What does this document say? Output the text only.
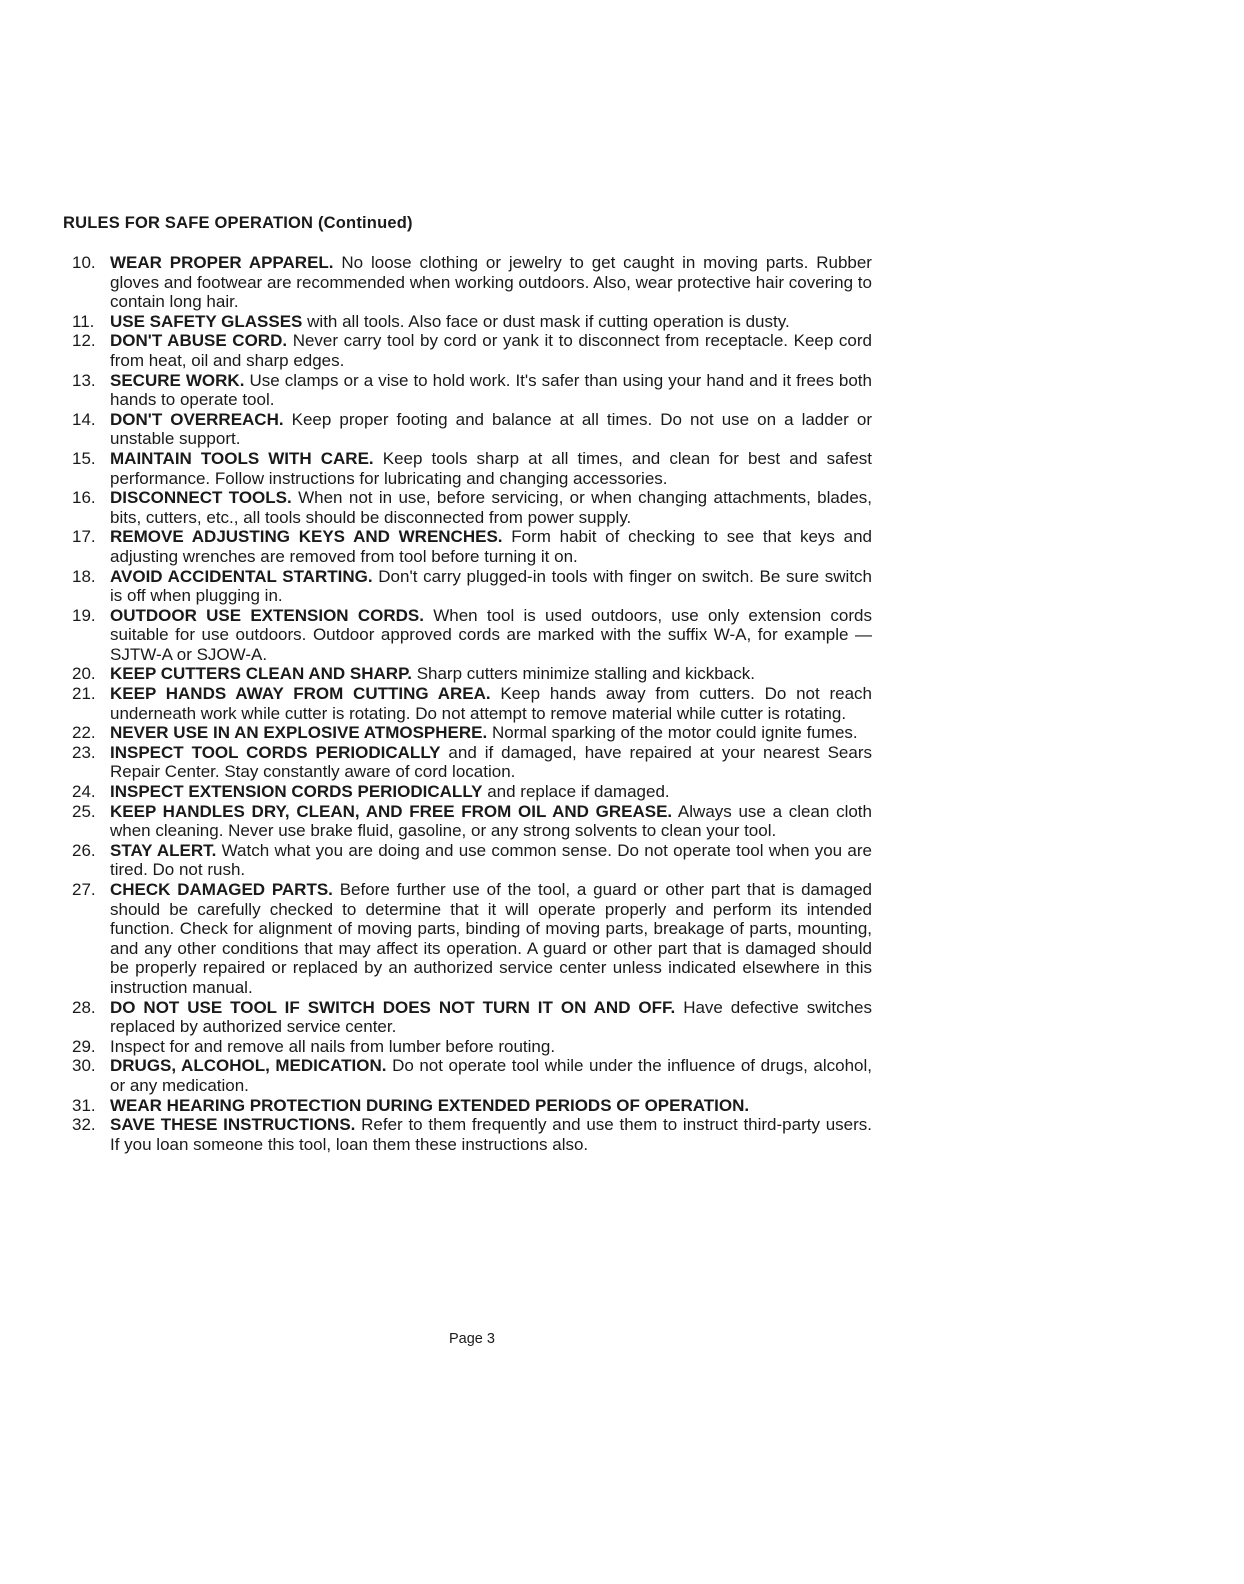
RULES FOR SAFE OPERATION (Continued)
10. WEAR PROPER APPAREL. No loose clothing or jewelry to get caught in moving parts. Rubber gloves and footwear are recommended when working outdoors. Also, wear protective hair covering to contain long hair.
11. USE SAFETY GLASSES with all tools. Also face or dust mask if cutting operation is dusty.
12. DON'T ABUSE CORD. Never carry tool by cord or yank it to disconnect from receptacle. Keep cord from heat, oil and sharp edges.
13. SECURE WORK. Use clamps or a vise to hold work. It's safer than using your hand and it frees both hands to operate tool.
14. DON'T OVERREACH. Keep proper footing and balance at all times. Do not use on a ladder or unstable support.
15. MAINTAIN TOOLS WITH CARE. Keep tools sharp at all times, and clean for best and safest performance. Follow instructions for lubricating and changing accessories.
16. DISCONNECT TOOLS. When not in use, before servicing, or when changing attachments, blades, bits, cutters, etc., all tools should be disconnected from power supply.
17. REMOVE ADJUSTING KEYS AND WRENCHES. Form habit of checking to see that keys and adjusting wrenches are removed from tool before turning it on.
18. AVOID ACCIDENTAL STARTING. Don't carry plugged-in tools with finger on switch. Be sure switch is off when plugging in.
19. OUTDOOR USE EXTENSION CORDS. When tool is used outdoors, use only extension cords suitable for use outdoors. Outdoor approved cords are marked with the suffix W-A, for example — SJTW-A or SJOW-A.
20. KEEP CUTTERS CLEAN AND SHARP. Sharp cutters minimize stalling and kickback.
21. KEEP HANDS AWAY FROM CUTTING AREA. Keep hands away from cutters. Do not reach underneath work while cutter is rotating. Do not attempt to remove material while cutter is rotating.
22. NEVER USE IN AN EXPLOSIVE ATMOSPHERE. Normal sparking of the motor could ignite fumes.
23. INSPECT TOOL CORDS PERIODICALLY and if damaged, have repaired at your nearest Sears Repair Center. Stay constantly aware of cord location.
24. INSPECT EXTENSION CORDS PERIODICALLY and replace if damaged.
25. KEEP HANDLES DRY, CLEAN, AND FREE FROM OIL AND GREASE. Always use a clean cloth when cleaning. Never use brake fluid, gasoline, or any strong solvents to clean your tool.
26. STAY ALERT. Watch what you are doing and use common sense. Do not operate tool when you are tired. Do not rush.
27. CHECK DAMAGED PARTS. Before further use of the tool, a guard or other part that is damaged should be carefully checked to determine that it will operate properly and perform its intended function. Check for alignment of moving parts, binding of moving parts, breakage of parts, mounting, and any other conditions that may affect its operation. A guard or other part that is damaged should be properly repaired or replaced by an authorized service center unless indicated elsewhere in this instruction manual.
28. DO NOT USE TOOL IF SWITCH DOES NOT TURN IT ON AND OFF. Have defective switches replaced by authorized service center.
29. Inspect for and remove all nails from lumber before routing.
30. DRUGS, ALCOHOL, MEDICATION. Do not operate tool while under the influence of drugs, alcohol, or any medication.
31. WEAR HEARING PROTECTION DURING EXTENDED PERIODS OF OPERATION.
32. SAVE THESE INSTRUCTIONS. Refer to them frequently and use them to instruct third-party users. If you loan someone this tool, loan them these instructions also.
Page 3
